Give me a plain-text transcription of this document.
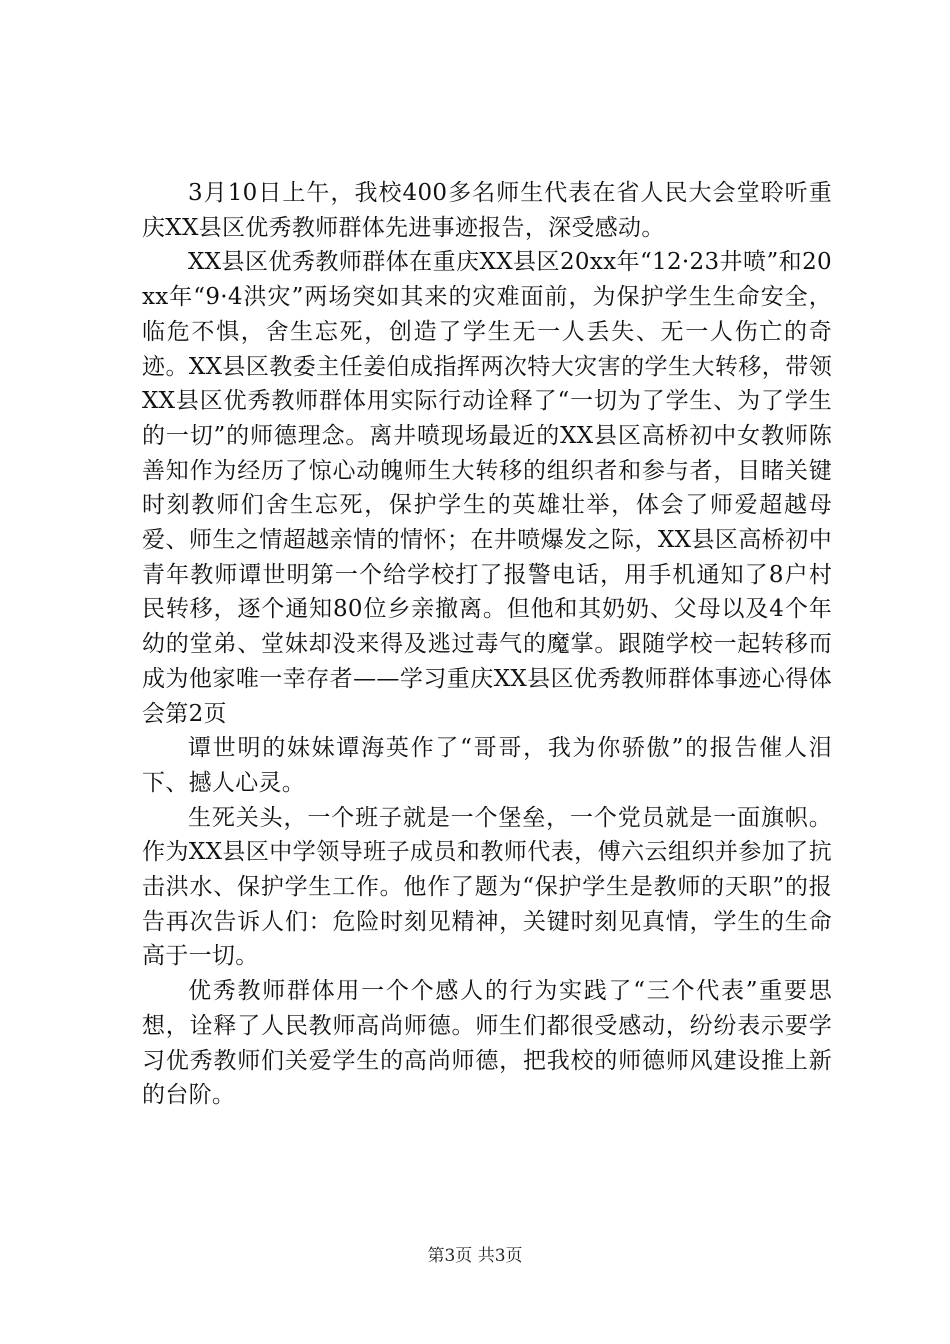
3月10日上午，我校400多名师生代表在省人民大会堂聆听重庆XX县区优秀教师群体先进事迹报告，深受感动。

XX县区优秀教师群体在重庆XX县区20xx年“12·23井喷”和20xx年“9·4洪灾”两场突如其来的灾难面前，为保护学生生命安全，临危不惧，舍生忘死，创造了学生无一人丢失、无一人伤亡的奇迹。XX县区教委主任姜伯成指挥两次特大灾害的学生大转移，带领XX县区优秀教师群体用实际行动诠释了“一切为了学生、为了学生的一切”的师德理念。离井喷现场最近的XX县区高桥初中女教师陈善知作为经历了惊心动魄师生大转移的组织者和参与者，目睹关键时刻教师们舍生忘死，保护学生的英雄壮举，体会了师爱超越母爱、师生之情超越亲情的情怀；在井喷爆发之际，XX县区高桥初中青年教师谭世明第一个给学校打了报警电话，用手机通知了8户村民转移，逐个通知80位乡亲撤离。但他和其奶奶、父母以及4个年幼的堂弟、堂妹却没来得及逃过毒气的魔掌。跟随学校一起转移而成为他家唯一幸存者——学习重庆XX县区优秀教师群体事迹心得体会第2页

谭世明的妹妹谭海英作了“哥哥，我为你骄傲”的报告催人泪下、撼人心灵。

生死关头，一个班子就是一个堡垒，一个党员就是一面旗帜。作为XX县区中学领导班子成员和教师代表，傅六云组织并参加了抗击洪水、保护学生工作。他作了题为“保护学生是教师的天职”的报告再次告诉人们：危险时刻见精神，关键时刻见真情，学生的生命高于一切。

优秀教师群体用一个个感人的行为实践了“三个代表”重要思想，诠释了人民教师高尚师德。师生们都很受感动，纷纷表示要学习优秀教师们关爱学生的高尚师德，把我校的师德师风建设推上新的台阶。

第3页 共3页
